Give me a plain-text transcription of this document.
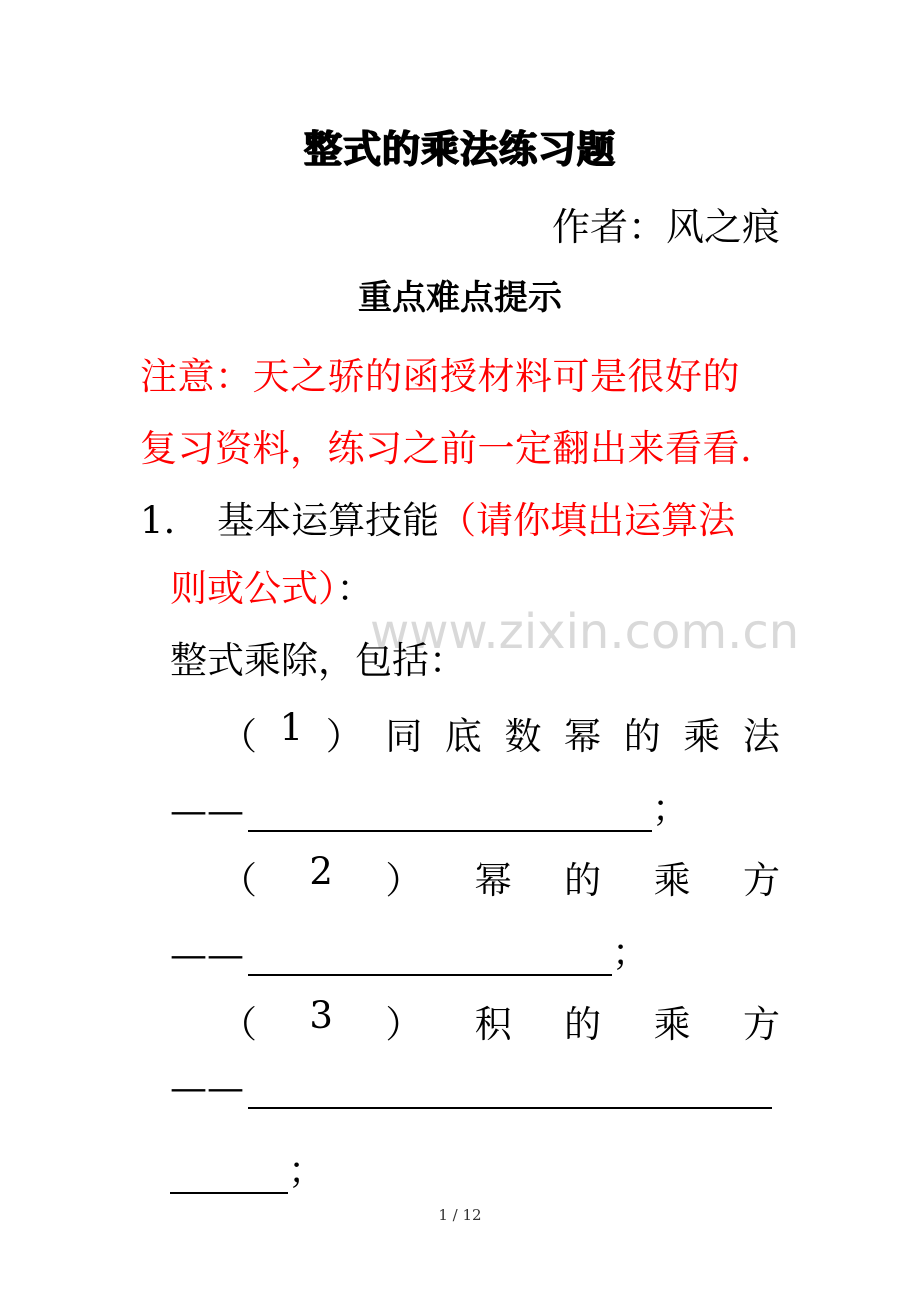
www.zixin.com.cn
整式的乘法练习题
作者：风之痕
重点难点提示
注意：天之骄的函授材料可是很好的
复习资料，练习之前一定翻出来看看.
1. 基本运算技能（请你填出运算法
则或公式）：
整式乘除，包括：
（ 1 ） 同 底 数 幂 的 乘 法
——	；
（ 2 ） 幂 的 乘 方
——	；
（ 3 ） 积 的 乘 方
——
；
1 / 12
